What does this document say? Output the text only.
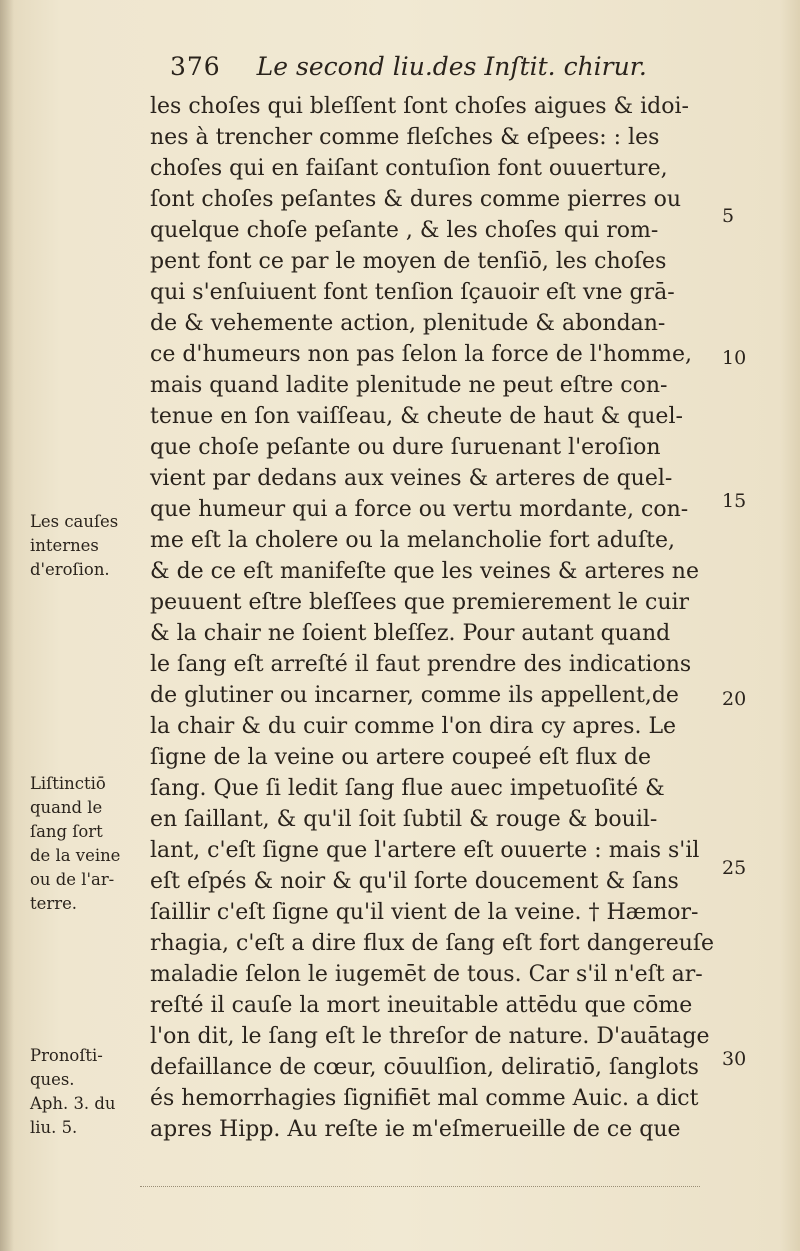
376 Le second liu.des Inſtit. chirur.
les choſes qui bleſſent ſont choſes aigues & idoi-
nes à trencher comme fleſches & eſpees: : les
choſes qui en faiſant contuſion font ouuerture,
ſont choſes peſantes & dures comme pierres ou
quelque choſe peſante , & les choſes qui rom-
pent font ce par le moyen de tenſiō, les choſes
qui s'enſuiuent font tenſion ſçauoir eſt vne grā-
de & vehemente action, plenitude & abondan-
ce d'humeurs non pas ſelon la force de l'homme,
mais quand ladite plenitude ne peut eſtre con-
tenue en ſon vaiſſeau, & cheute de haut & quel-
que choſe peſante ou dure ſuruenant l'eroſion
vient par dedans aux veines & arteres de quel-
que humeur qui a force ou vertu mordante, con-
me eſt la cholere ou la melancholie fort aduſte,
& de ce eſt manifeſte que les veines & arteres ne
peuuent eſtre bleſſees que premierement le cuir
& la chair ne ſoient bleſſez. Pour autant quand
le ſang eſt arreſté il faut prendre des indications
de glutiner ou incarner, comme ils appellent,de
la chair & du cuir comme l'on dira cy apres. Le
ſigne de la veine ou artere coupeé eſt flux de
ſang. Que ſi ledit ſang flue auec impetuoſité &
en ſaillant, & qu'il ſoit ſubtil & rouge & bouil-
lant, c'eſt ſigne que l'artere eſt ouuerte : mais s'il
eſt eſpés & noir & qu'il ſorte doucement & ſans
ſaillir c'eſt ſigne qu'il vient de la veine. † Hæmor-
rhagia, c'eſt a dire flux de ſang eſt fort dangereuſe
maladie ſelon le iugemēt de tous. Car s'il n'eſt ar-
reſté il cauſe la mort ineuitable attēdu que cōme
l'on dit, le ſang eſt le threſor de nature. D'auātage
defaillance de cœur, cōuulſion, deliratiō, ſanglots
és hemorrhagies ſignifiēt mal comme Auic. a dict
apres Hipp. Au reſte ie m'eſmerueille de ce que
Les cauſes
internes
d'eroſion.
Liſtinctiō
quand le
ſang ſort
de la veine
ou de l'ar-
terre.
Pronoſti-
ques.
Aph. 3. du
liu. 5.
5
10
15
20
25
30
